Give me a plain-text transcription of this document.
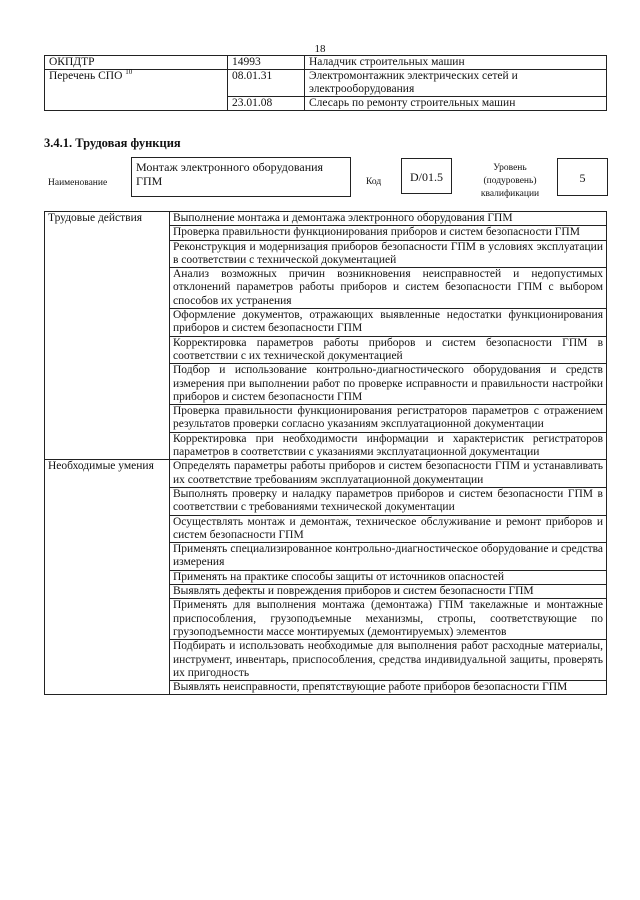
18
ОКПДТР	14993	Наладчик строительных машин
Перечень СПО $^{10}$	08.01.31	Электромонтажник электрических сетей и электрооборудования
	23.01.08	Слесарь по ремонту строительных машин
3.4.1. Трудовая функция
Наименование
Монтаж электронного оборудования ГПМ	Код	D/01.5
Уровень (подуровень) квалификации
5
Трудовые действия	Выполнение монтажа и демонтажа электронного оборудования ГПМ
	Проверка правильности функционирования приборов и систем безопасности ГПМ
	Реконструкция и модернизация приборов безопасности ГПМ в условиях эксплуатации в соответствии с технической документацией
	Анализ возможных причин возникновения неисправностей и недопустимых отклонений параметров работы приборов и систем безопасности ГПМ с выбором способов их устранения
	Оформление документов, отражающих выявленные недостатки функционирования приборов и систем безопасности ГПМ
	Корректировка параметров работы приборов и систем безопасности ГПМ в соответствии с их технической документацией
	Подбор и использование контрольно-диагностического оборудования и средств измерения при выполнении работ по проверке исправности и правильности настройки приборов и систем безопасности ГПМ
	Проверка правильности функционирования регистраторов параметров с отражением результатов проверки согласно указаниям эксплуатационной документации
	Корректировка при необходимости информации и характеристик регистраторов параметров в соответствии с указаниями эксплуатационной документации
Необходимые умения	Определять параметры работы приборов и систем безопасности ГПМ и устанавливать их соответствие требованиям эксплуатационной документации
	Выполнять проверку и наладку параметров приборов и систем безопасности ГПМ в соответствии с требованиями технической документации
	Осуществлять монтаж и демонтаж, техническое обслуживание и ремонт приборов и систем безопасности ГПМ
	Применять специализированное контрольно-диагностическое оборудование и средства измерения
	Применять на практике способы защиты от источников опасностей
	Выявлять дефекты и повреждения приборов и систем безопасности ГПМ
	Применять для выполнения монтажа (демонтажа) ГПМ такелажные и монтажные приспособления, грузоподъемные механизмы, стропы, соответствующие по грузоподъемности массе монтируемых (демонтируемых) элементов
	Подбирать и использовать необходимые для выполнения работ расходные материалы, инструмент, инвентарь, приспособления, средства индивидуальной защиты, проверять их пригодность
	Выявлять неисправности, препятствующие работе приборов безопасности ГПМ
